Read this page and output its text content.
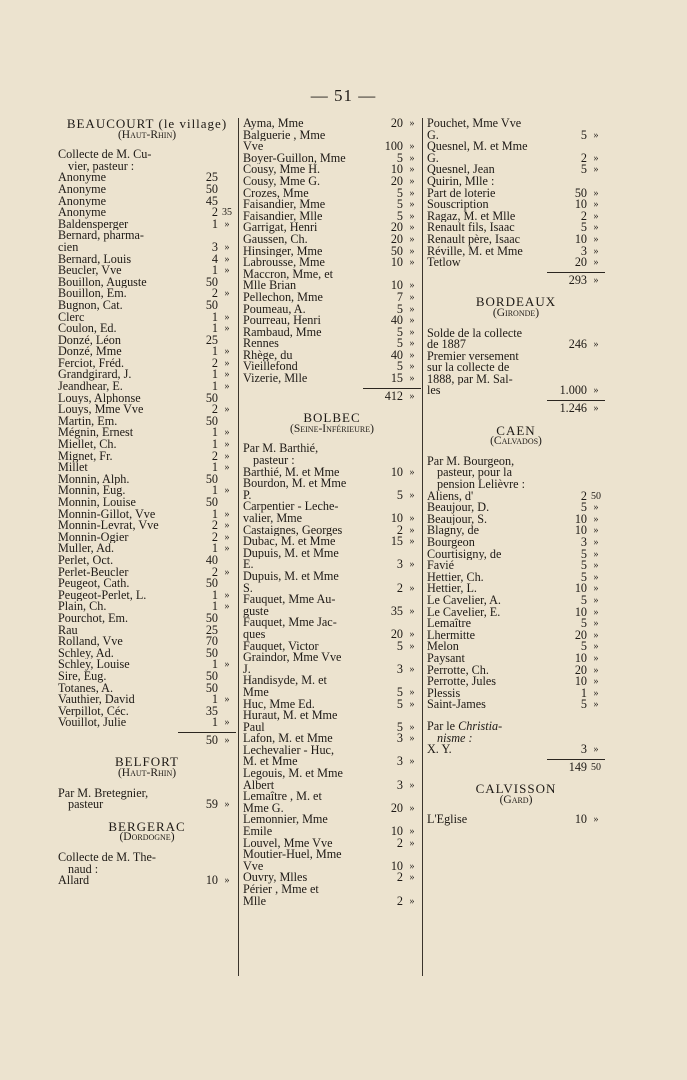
— 51 —
BEAUCOURT (le village)
(Haut-Rhin)
Collecte de M. Cu-
vier, pasteur :
Anonyme	25
Anonyme	50
Anonyme	45
Anonyme	2 35
Baldensperger	1 »
Bernard, pharma-
cien	3 »
Bernard, Louis	4 »
Beucler, Vve	1 »
Bouillon, Auguste	50
Bouillon, Em.	2 »
Bugnon, Cat.	50
Clerc	1 »
Coulon, Ed.	1 »
Donzé, Léon	25
Donzé, Mme	1 »
Ferciot, Fréd.	2 »
Grandgirard, J.	1 »
Jeandhear, E.	1 »
Louys, Alphonse	50
Louys, Mme Vve	2 »
Martin, Em.	50
Mégnin, Ernest	1 »
Miellet, Ch.	1 »
Mignet, Fr.	2 »
Millet	1 »
Monnin, Alph.	50
Monnin, Eug.	1 »
Monnin, Louise	50
Monnin-Gillot, Vve	1 »
Monnin-Levrat, Vve	2 »
Monnin-Ogier	2 »
Muller, Ad.	1 »
Perlet, Oct.	40
Perlet-Beucler	2 »
Peugeot, Cath.	50
Peugeot-Perlet, L.	1 »
Plain, Ch.	1 »
Pourchot, Em.	50
Rau	25
Rolland, Vve	70
Schley, Ad.	50
Schley, Louise	1 »
Sire, Eug.	50
Totanes, A.	50
Vauthier, David	1 »
Verpillot, Céc.	35
Vouillot, Julie	1 »
50 »
BELFORT
(Haut-Rhin)
Par M. Bretegnier,
pasteur	59 »
BERGERAC
(Dordogne)
Collecte de M. The-
naud :
Allard	10 »
Ayma, Mme	20 »
Balguerie , Mme
Vve	100 »
Boyer-Guillon, Mme	5 »
Cousy, Mme H.	10 »
Cousy, Mme G.	20 »
Crozes, Mme	5 »
Faisandier, Mme	5 »
Faisandier, Mlle	5 »
Garrigat, Henri	20 »
Gaussen, Ch.	20 »
Hinsinger, Mme	50 »
Labrousse, Mme	10 »
Maccron, Mme, et
Mlle Brian	10 »
Pellechon, Mme	7 »
Poumeau, A.	5 »
Pourreau, Henri	40 »
Rambaud, Mme	5 »
Rennes	5 »
Rhège, du	40 »
Vieillefond	5 »
Vizerie, Mlle	15 »
412 »
BOLBEC
(Seine-Inférieure)
Par M. Barthié,
pasteur :
Barthié, M. et Mme	10 »
Bourdon, M. et Mme
P.	5 »
Carpentier - Leche-
valier, Mme	10 »
Castaignes, Georges	2 »
Dubac, M. et Mme	15 »
Dupuis, M. et Mme
E.	3 »
Dupuis, M. et Mme
S.	2 »
Fauquet, Mme Au-
guste	35 »
Fauquet, Mme Jac-
ques	20 »
Fauquet, Victor	5 »
Graindor, Mme Vve
J.	3 »
Handisyde, M. et
Mme	5 »
Huc, Mme Ed.	5 »
Huraut, M. et Mme
Paul	5 »
Lafon, M. et Mme	3 »
Lechevalier - Huc,
M. et Mme	3 »
Legouis, M. et Mme
Albert	3 »
Lemaître , M. et
Mme G.	20 »
Lemonnier, Mme
Emile	10 »
Louvel, Mme Vve	2 »
Moutier-Huel, Mme
Vve	10 »
Ouvry, Mlles	2 »
Périer , Mme et
Mlle	2 »
Pouchet, Mme Vve
G.	5 »
Quesnel, M. et Mme
G.	2 »
Quesnel, Jean	5 »
Quirin, Mlle :
Part de loterie	50 »
Souscription	10 »
Ragaz, M. et Mlle	2 »
Renault fils, Isaac	5 »
Renault père, Isaac	10 »
Réville, M. et Mme	3 »
Tetlow	20 »
293 »
BORDEAUX
(Gironde)
Solde de la collecte
de 1887	246 »
Premier versement
sur la collecte de
1888, par M. Sal-
les	1.000 »
1.246 »
CAEN
(Calvados)
Par M. Bourgeon,
pasteur, pour la
pension Lelièvre :
Aliens, d'	2 50
Beaujour, D.	5 »
Beaujour, S.	10 »
Blagny, de	10 »
Bourgeon	3 »
Courtisigny, de	5 »
Favié	5 »
Hettier, Ch.	5 »
Hettier, L.	10 »
Le Cavelier, A.	5 »
Le Cavelier, E.	10 »
Lemaître	5 »
Lhermitte	20 »
Melon	5 »
Paysant	10 »
Perrotte, Ch.	20 »
Perrotte, Jules	10 »
Plessis	1 »
Saint-James	5 »
Par le Christia-
nisme :
X. Y.	3 »
149 50
CALVISSON
(Gard)
L'Eglise	10 »
